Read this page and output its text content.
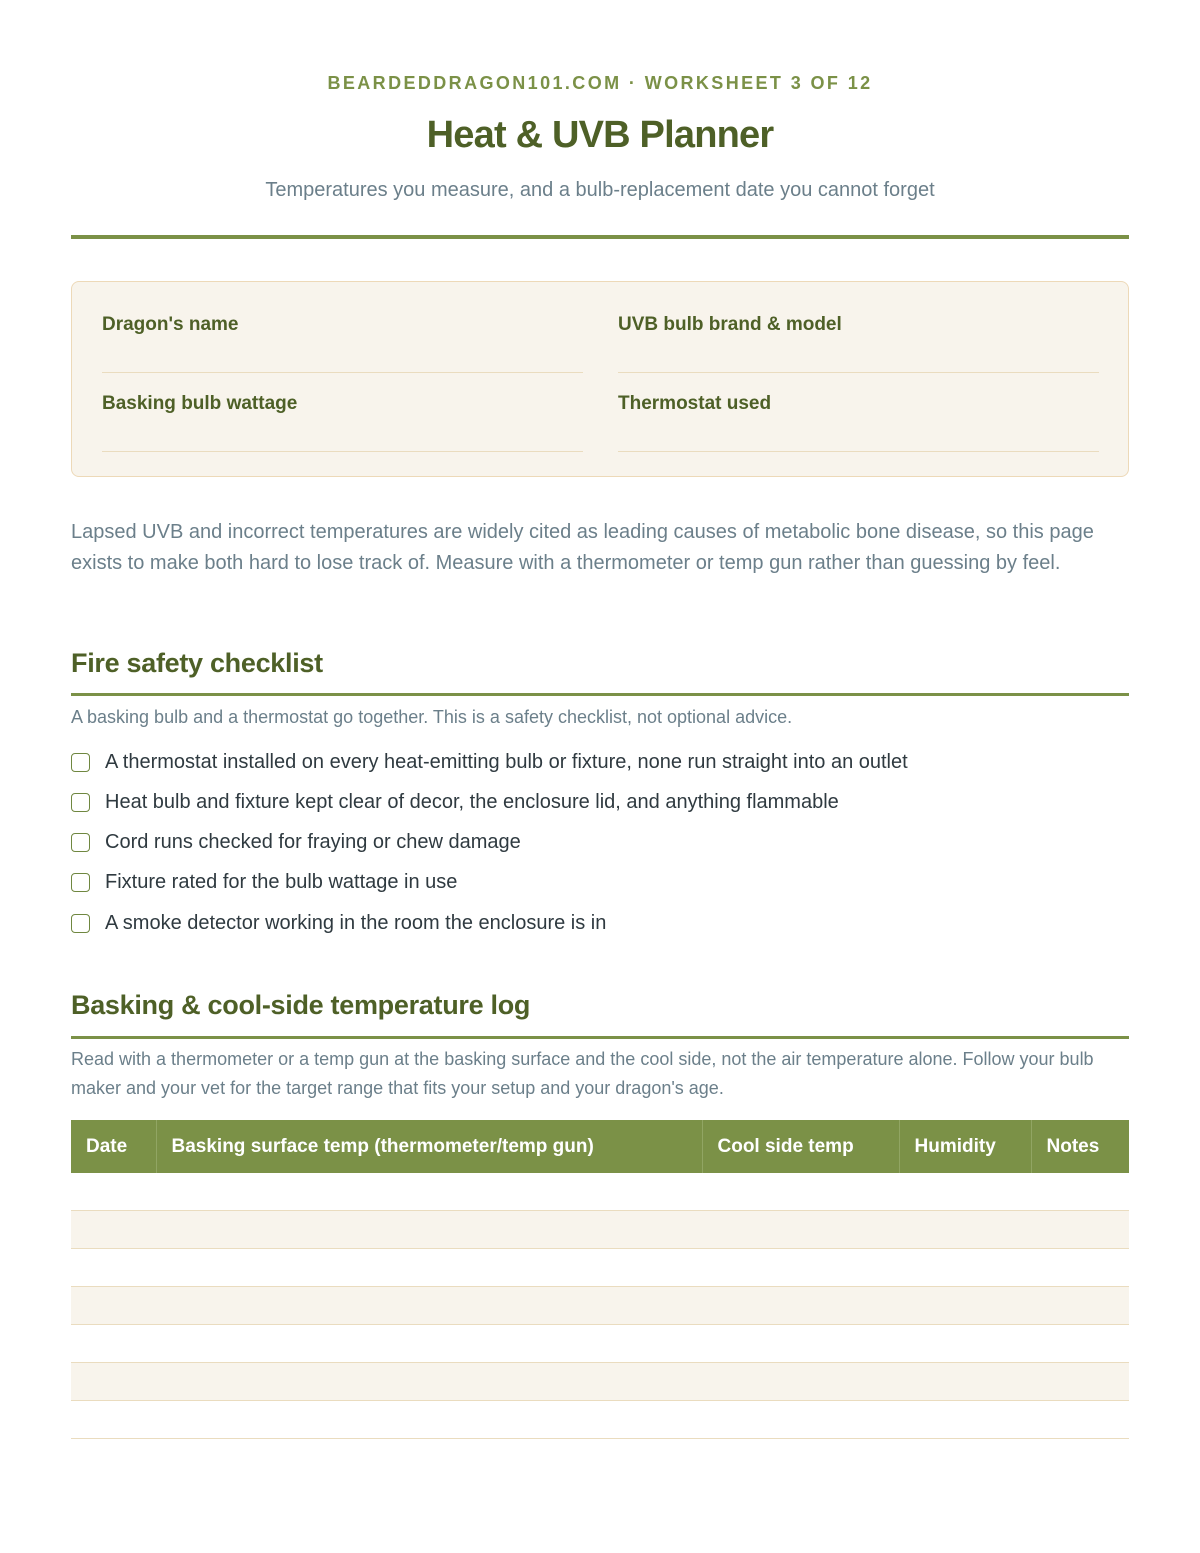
BEARDEDDRAGON101.COM · WORKSHEET 3 OF 12
Heat & UVB Planner
Temperatures you measure, and a bulb-replacement date you cannot forget
Dragon's name	UVB bulb brand & model
Basking bulb wattage	Thermostat used

Lapsed UVB and incorrect temperatures are widely cited as leading causes of metabolic bone disease, so this page exists to make both hard to lose track of. Measure with a thermometer or temp gun rather than guessing by feel.

Fire safety checklist

A basking bulb and a thermostat go together. This is a safety checklist, not optional advice.

A thermostat installed on every heat-emitting bulb or fixture, none run straight into an outlet
Heat bulb and fixture kept clear of decor, the enclosure lid, and anything flammable
Cord runs checked for fraying or chew damage
Fixture rated for the bulb wattage in use
A smoke detector working in the room the enclosure is in
Basking & cool-side temperature log

Read with a thermometer or a temp gun at the basking surface and the cool side, not the air temperature alone. Follow your bulb maker and your vet for the target range that fits your setup and your dragon's age.

Date	Basking surface temp (thermometer/temp gun)	Cool side temp	Humidity	Notes
